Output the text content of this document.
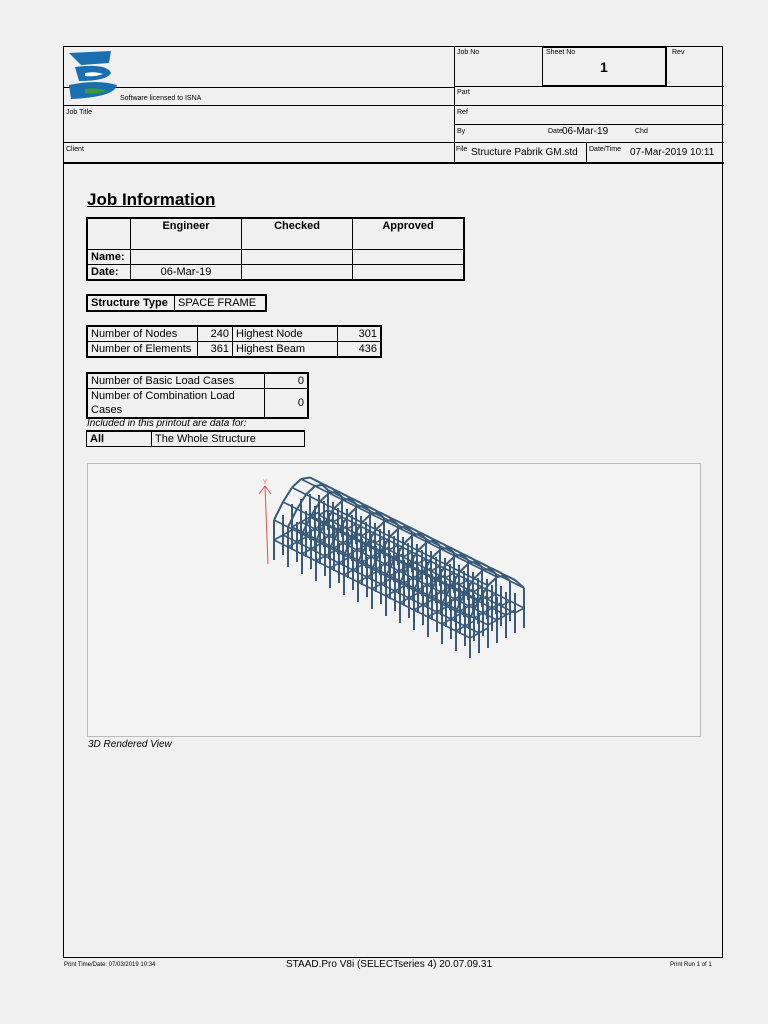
Software licensed to ISNA
Job No	Sheet No
1
Rev
Part
Job Title	Ref
By	Date 06-Mar-19	Chd
Client	File Structure Pabrik GM.std Date/Time 07-Mar-2019 10:11
Job Information
	Engineer	Checked	Approved
Name:			
Date:	06-Mar-19		
Structure Type	SPACE FRAME
Number of Nodes	240	Highest Node	301
Number of Elements	361	Highest Beam	436
Number of Basic Load Cases	0
Number of Combination Load Cases	0
Included in this printout are data for:
All	The Whole Structure
Y
3D Rendered View
Print Time/Date: 07/03/2019 10:34	STAAD.Pro V8i (SELECTseries 4) 20.07.09.31	Print Run 1 of 1
